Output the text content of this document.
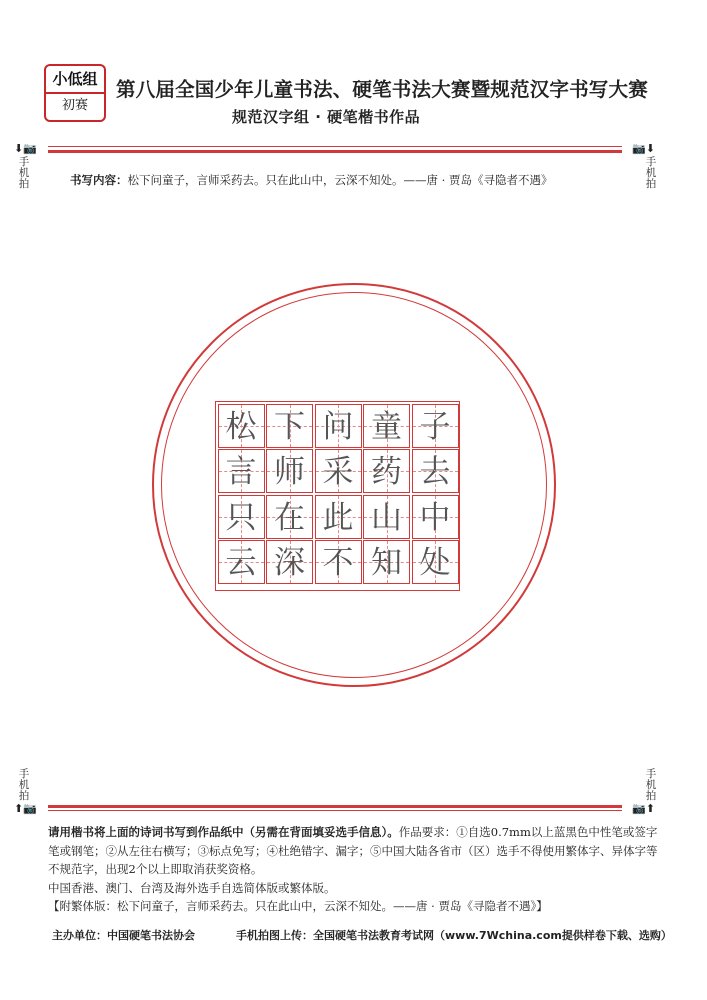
小低组
初赛
第八届全国少年儿童书法、硬笔书法大赛暨规范汉字书写大赛
规范汉字组 · 硬笔楷书作品
⬇📷
手
机
拍
📷⬇
手
机
拍
书写内容：松下问童子，言师采药去。只在此山中，云深不知处。——唐 · 贾岛《寻隐者不遇》
松 下 问 童 子
言 师 采 药 去
只 在 此 山 中
云 深 不 知 处
手
机
拍
⬆📷
手
机
拍
📷⬆
请用楷书将上面的诗词书写到作品纸中（另需在背面填妥选手信息）。作品要求：①自选0.7mm以上蓝黑色中性笔或签字笔或钢笔；②从左往右横写；③标点免写；④杜绝错字、漏字；⑤中国大陆各省市（区）选手不得使用繁体字、异体字等不规范字，出现2个以上即取消获奖资格。
中国香港、澳门、台湾及海外选手自选简体版或繁体版。
【附繁体版：松下问童子，言师采药去。只在此山中，云深不知处。——唐 · 贾岛《寻隐者不遇》】
主办单位：中国硬笔书法协会	手机拍图上传：全国硬笔书法教育考试网（www.7Wchina.com提供样卷下载、选购）
